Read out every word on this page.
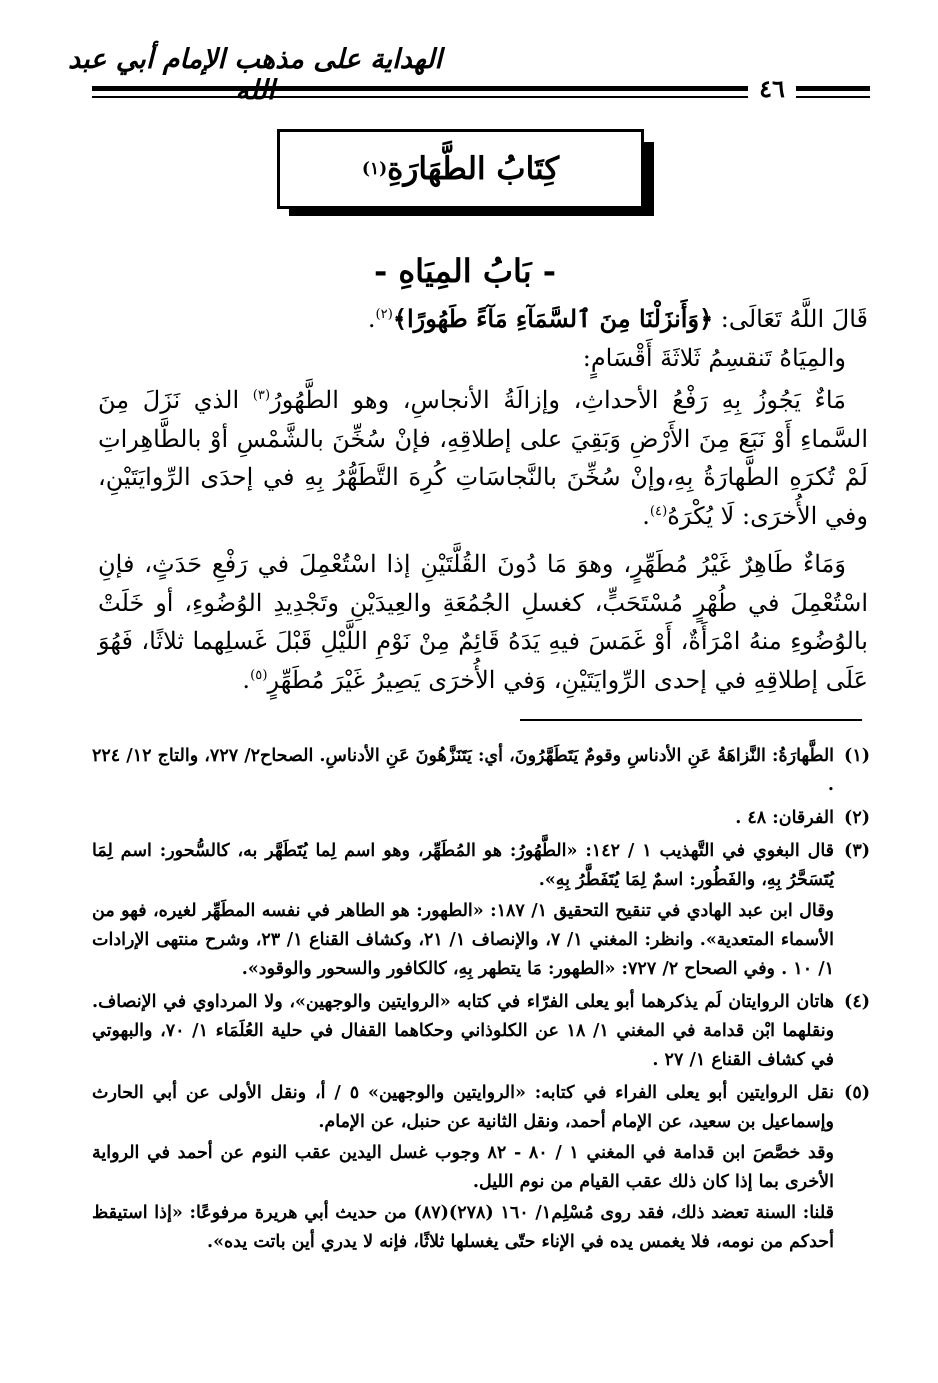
الهداية على مذهب الإمام أبي عبد
٤٦
كِتَابُ الطَّهَارَةِ
(١)
- بَابُ المِيَاهِ -

قَالَ اللَّهُ تَعَالَى: ﴿وَأَنزَلْنَا مِنَ ٱلسَّمَآءِ مَآءً طَهُورًا﴾$^{(٢)}$.

والمِيَاهُ تَنقسِمُ ثَلاثَةَ أَقْسَامٍ:

مَاءٌ يَجُوزُ بِهِ رَفْعُ الأحداثِ، وإزالَةُ الأنجاسِ، وهو الطَّهُورُ$^{(٣)}$ الذي نَزَلَ مِنَ السَّماءِ أَوْ نَبَعَ مِنَ الأَرْضِ وَبَقِيَ على إطلاقِهِ، فإنْ سُخِّنَ بالشَّمْسِ أوْ بالطَّاهِراتِ لَمْ تُكرَهِ الطَّهارَةُ بِهِ،وإنْ سُخِّنَ بالنَّجاسَاتِ كُرِهَ التَّطَهُّرُ بِهِ في إحدَى الرِّوايَتَيْنِ، وفي الأُخرَى: لَا يُكْرَهُ$^{(٤)}$.

وَمَاءٌ طَاهِرٌ غَيْرُ مُطَهِّرٍ، وهوَ مَا دُونَ القُلَّتَيْنِ إذا اسْتُعْمِلَ في رَفْعِ حَدَثٍ، فإنِ اسْتُعْمِلَ في طُهْرٍ مُسْتَحَبٍّ، كغسلِ الجُمُعَةِ والعِيدَيْنِ وتَجْدِيدِ الوُضُوءِ، أو خَلَتْ بالوُضُوءِ منهُ امْرَأَةٌ، أَوْ غَمَسَ فيهِ يَدَهُ قَائِمٌ مِنْ نَوْمِ اللَّيْلِ قَبْلَ غَسلِهما ثلاثًا، فَهُوَ عَلَى إطلاقِهِ في إحدى الرِّوايَتَيْنِ، وَفي الأُخرَى يَصِيرُ غَيْرَ مُطَهِّرٍ$^{(٥)}$.

(١)
الطَّهارَةُ: النَّزاهَةُ عَنِ الأدناسِ وقومٌ يَتَطَهَّرُونَ، أي: يَتَنَزَّهُونَ عَنِ الأدناسِ. الصحاح٢/ ٧٢٧، والتاج ١٢/ ٢٢٤ .
(٢)
الفرقان: ٤٨ .
(٣)
قال البغوي في التَّهذيب ١ / ١٤٢: «الطَّهُورُ: هو المُطَهِّر، وهو اسم لِما يُتَطَهَّر به، كالسُّحور: اسم لِمَا يُتَسَحَّرُ بِهِ، والفَطُور: اسمٌ لِمَا يُتَفَطَّرُ بِهِ».
وقال ابن عبد الهادي في تنقيح التحقيق ١/ ١٨٧: «الطهور: هو الطاهر في نفسه المطَهِّر لغيره، فهو من الأسماء المتعدية». وانظر: المغني ١/ ٧، والإنصاف ١/ ٢١، وكشاف القناع ١/ ٢٣، وشرح منتهى الإرادات ١/ ١٠ . وفي الصحاح ٢/ ٧٢٧: «الطهور: مَا يتطهر بِهِ، كالكافور والسحور والوقود».
(٤)
هاتان الروايتان لَم يذكرهما أبو يعلى الفرّاء في كتابه «الروايتين والوجهين»، ولا المرداوي في الإنصاف. ونقلهما ابْن قدامة في المغني ١/ ١٨ عن الكلوذاني وحكاهما القفال في حلية العُلَمَاء ١/ ٧٠، والبهوتي في كشاف القناع ١/ ٢٧ .
(٥)
نقل الروايتين أبو يعلى الفراء في كتابه: «الروايتين والوجهين» ٥ / أ، ونقل الأولى عن أبي الحارث وإسماعيل بن سعيد، عن الإمام أحمد، ونقل الثانية عن حنبل، عن الإمام.
وقد خصَّصَ ابن قدامة في المغني ١ / ٨٠ - ٨٢ وجوب غسل اليدين عقب النوم عن أحمد في الرواية الأخرى بما إذا كان ذلك عقب القيام من نوم الليل.
قلنا: السنة تعضد ذلك، فقد روى مُسْلِم١/ ١٦٠ (٢٧٨)(٨٧) من حديث أبي هريرة مرفوعًا: «إذا استيقظ أحدكم من نومه، فلا يغمس يده في الإناء حتّى يغسلها ثلاثًا، فإنه لا يدري أين باتت يده».
